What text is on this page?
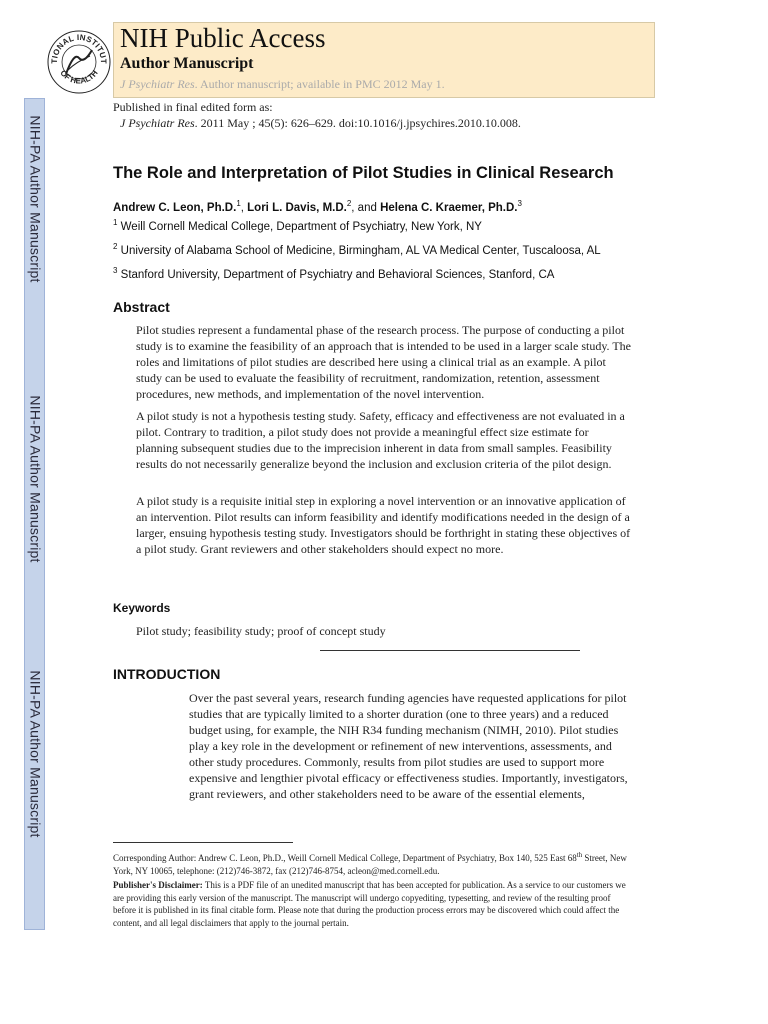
NIH-PA Author Manuscript
NIH-PA Author Manuscript
NIH-PA Author Manuscript
TIONAL INSTITUT
OF HEALTH
NIH Public Access
Author Manuscript
J Psychiatr Res. Author manuscript; available in PMC 2012 May 1.
Published in final edited form as:
J Psychiatr Res. 2011 May ; 45(5): 626–629. doi:10.1016/j.jpsychires.2010.10.008.
The Role and Interpretation of Pilot Studies in Clinical Research
Andrew C. Leon, Ph.D.$^1$, Lori L. Davis, M.D.$^2$, and Helena C. Kraemer, Ph.D.$^3$
$^1$ Weill Cornell Medical College, Department of Psychiatry, New York, NY
$^2$ University of Alabama School of Medicine, Birmingham, AL VA Medical Center, Tuscaloosa, AL
$^3$ Stanford University, Department of Psychiatry and Behavioral Sciences, Stanford, CA
Abstract

Pilot studies represent a fundamental phase of the research process. The purpose of conducting a pilot study is to examine the feasibility of an approach that is intended to be used in a larger scale study. The roles and limitations of pilot studies are described here using a clinical trial as an example. A pilot study can be used to evaluate the feasibility of recruitment, randomization, retention, assessment procedures, new methods, and implementation of the novel intervention.

A pilot study is not a hypothesis testing study. Safety, efficacy and effectiveness are not evaluated in a pilot. Contrary to tradition, a pilot study does not provide a meaningful effect size estimate for planning subsequent studies due to the imprecision inherent in data from small samples. Feasibility results do not necessarily generalize beyond the inclusion and exclusion criteria of the pilot design.

A pilot study is a requisite initial step in exploring a novel intervention or an innovative application of an intervention. Pilot results can inform feasibility and identify modifications needed in the design of a larger, ensuing hypothesis testing study. Investigators should be forthright in stating these objectives of a pilot study. Grant reviewers and other stakeholders should expect no more.

Keywords
Pilot study; feasibility study; proof of concept study
INTRODUCTION

Over the past several years, research funding agencies have requested applications for pilot studies that are typically limited to a shorter duration (one to three years) and a reduced budget using, for example, the NIH R34 funding mechanism (NIMH, 2010). Pilot studies play a key role in the development or refinement of new interventions, assessments, and other study procedures. Commonly, results from pilot studies are used to support more expensive and lengthier pivotal efficacy or effectiveness studies. Importantly, investigators, grant reviewers, and other stakeholders need to be aware of the essential elements,

Corresponding Author: Andrew C. Leon, Ph.D., Weill Cornell Medical College, Department of Psychiatry, Box 140, 525 East 68th Street, New York, NY 10065, telephone: (212)746-3872, fax (212)746-8754, acleon@med.cornell.edu.

Publisher's Disclaimer: This is a PDF file of an unedited manuscript that has been accepted for publication. As a service to our customers we are providing this early version of the manuscript. The manuscript will undergo copyediting, typesetting, and review of the resulting proof before it is published in its final citable form. Please note that during the production process errors may be discovered which could affect the content, and all legal disclaimers that apply to the journal pertain.
